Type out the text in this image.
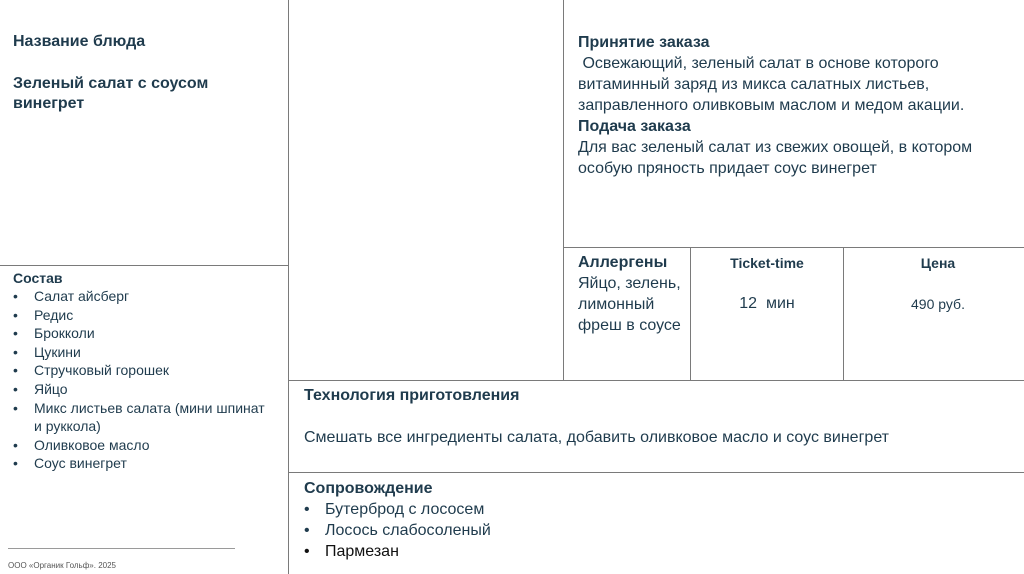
Название блюда
Зеленый салат с соусом винегрет
Состав
• Салат айсберг
• Редис
• Брокколи
• Цукини
• Стручковый горошек
• Яйцо
• Микс листьев салата (мини шпинат и руккола)
• Оливковое масло
• Соус винегрет
Принятие заказа
Освежающий, зеленый салат в основе которого витаминный заряд из микса салатных листьев, заправленного оливковым маслом и медом акации.
Подача заказа
Для вас зеленый салат из свежих овощей, в котором особую пряность придает соус винегрет
Аллергены
Яйцо, зелень, лимонный фреш в соусе
Ticket-time
12  мин
Цена
490 руб.
Технология приготовления
Смешать все ингредиенты салата, добавить оливковое масло и соус винегрет
Сопровождение
• Бутерброд с лососем
• Лосось слабосоленый
• Пармезан
ООО «Органик Гольф». 2025
